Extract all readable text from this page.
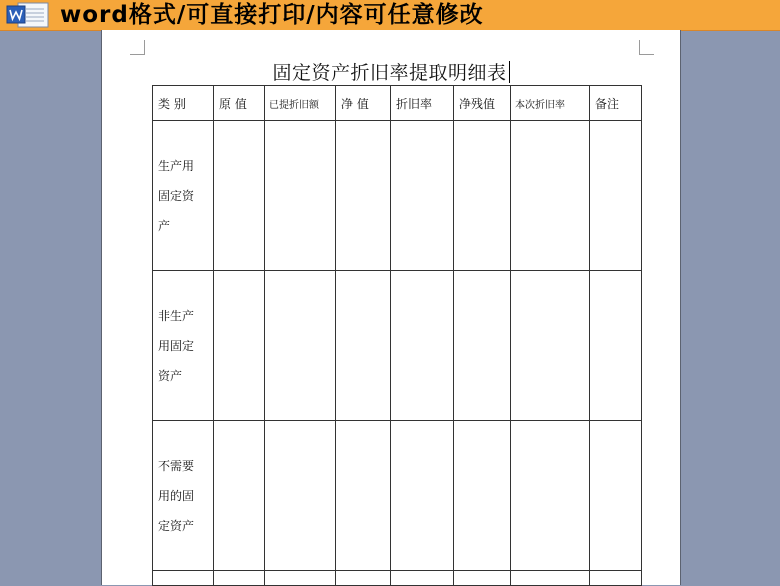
word格式/可直接打印/内容可任意修改
固定资产折旧率提取明细表
类 别	原 值	已提折旧额	净 值	折旧率	净残值	本次折旧率	备注

生产用
固定资
产							

非生产
用固定
资产							

不需要
用的固
定资产							
